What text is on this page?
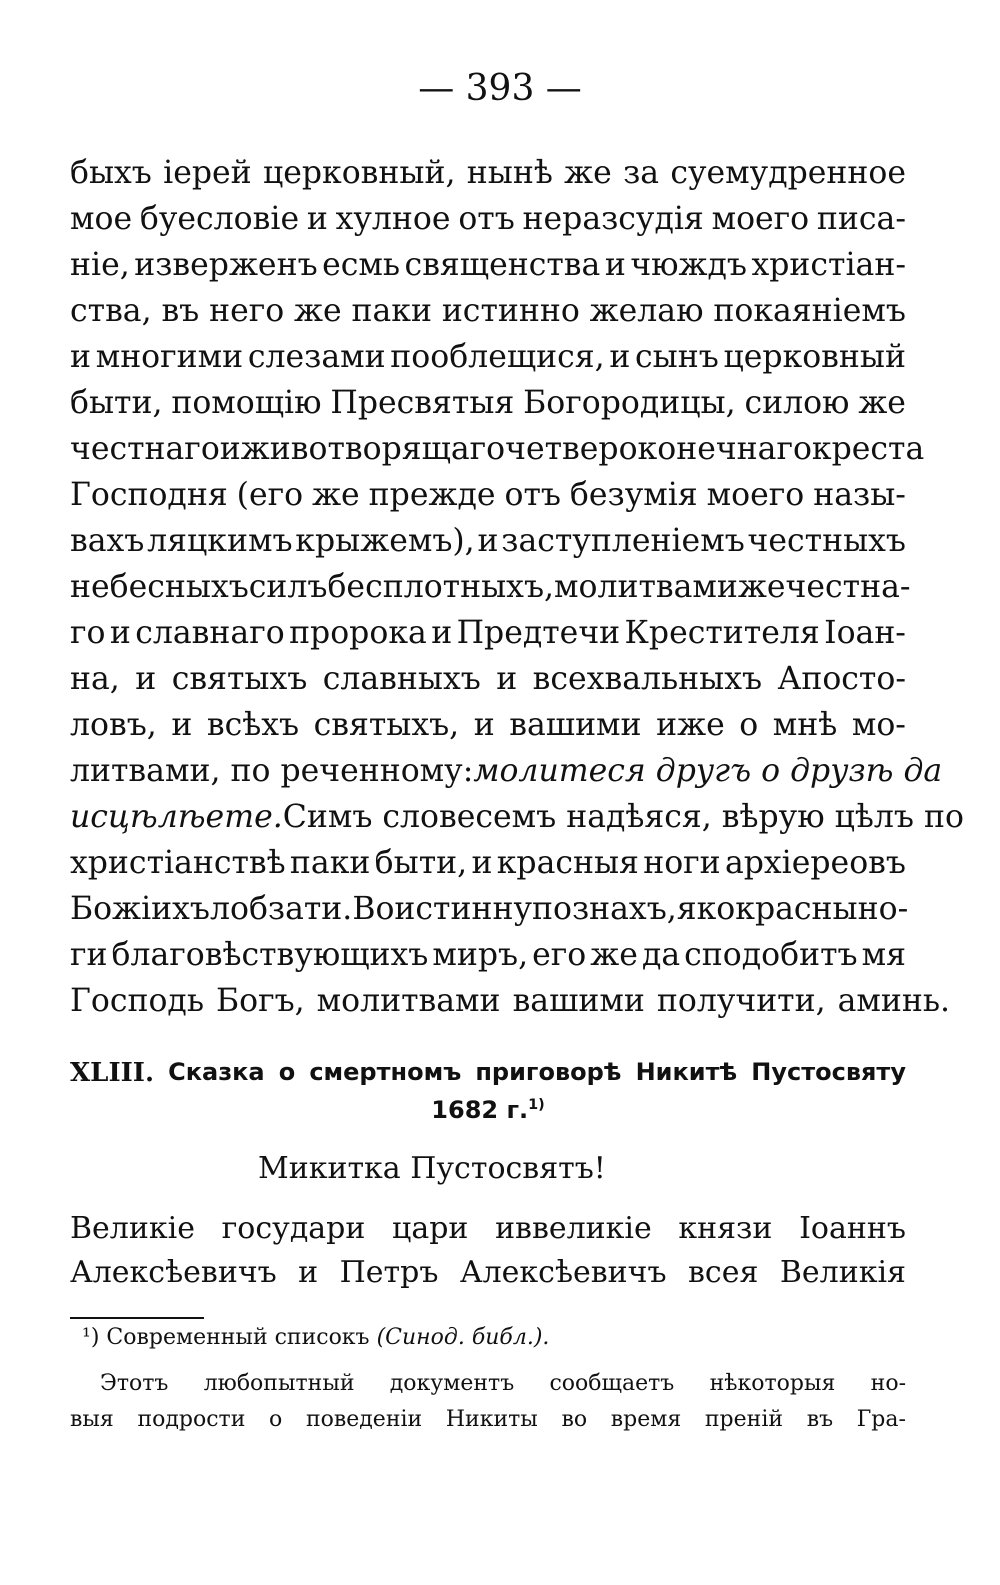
— 393 —
быхъ iерей церковный, нынѣ же за суемудренное
мое буесловiе и хулное отъ неразсудiя моего писа-
нiе, изверженъ есмь священства и чюждъ христiан-
ства, въ него же паки истинно желаю покаянiемъ
и многими слезами пооблещися, и сынъ церковный
быти, помощiю Пресвятыя Богородицы, силою же
честнаго и животворящаго четвероконечнаго креста
Господня (его же прежде отъ безумiя моего назы-
вахъ ляцкимъ крыжемъ), и заступленiемъ честныхъ
небесныхъ силъ бесплотныхъ, молитвами же честна-
го и славнаго пророка и Предтечи Крестителя Iоан-
на, и святыхъ славныхъ и всехвальныхъ Апосто-
ловъ, и всѣхъ святыхъ, и вашими иже о мнѣ мо-
литвами, по реченному: молитеся другъ о друзѣ да
исцѣлѣете. Симъ словесемъ надѣяся, вѣрую цѣлъ по
христiанствѣ паки быти, и красныя ноги архiереовъ
Божiихъ лобзати. Воистинну познахъ, яко красны но-
ги благовѣствующихъ миръ, его же да сподобитъ мя
Господь Богъ, молитвами вашими получити, аминь.
XLIII. Сказка о смертномъ приговорѣ Никитѣ Пустосвяту
1682 г.$^{1)}$
Микитка Пустосвятъ!
Великiе государи цари иввеликiе князи Iоаннъ
Алексѣевичъ и Петръ Алексѣевичъ всея Великiя
¹) Современный списокъ (Синод. библ.).
Этотъ любопытный документъ сообщаетъ нѣкоторыя но-
выя подрости о поведенiи Никиты во время пренiй въ Гра-
